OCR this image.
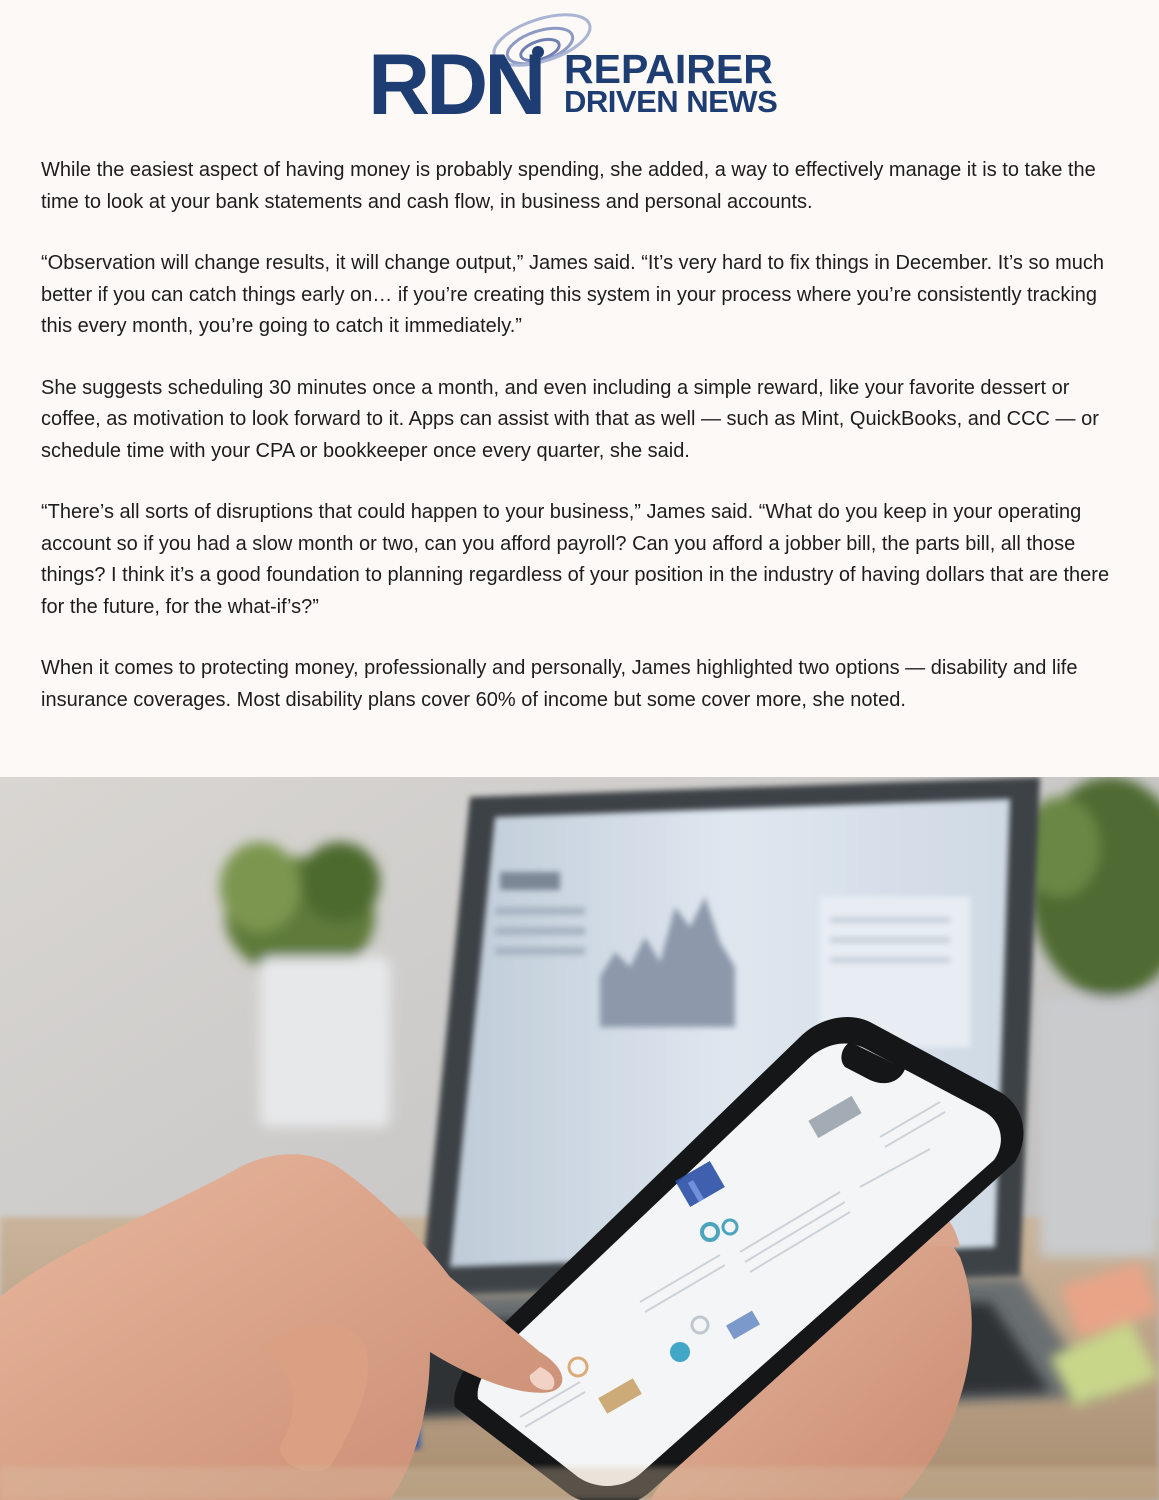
RDN REPAIRER
DRIVEN NEWS

While the easiest aspect of having money is probably spending, she added, a way to effectively manage it is to take the time to look at your bank statements and cash flow, in business and personal accounts.

“Observation will change results, it will change output,” James said. “It’s very hard to fix things in December. It’s so much better if you can catch things early on… if you’re creating this system in your process where you’re consistently tracking this every month, you’re going to catch it immediately.”

She suggests scheduling 30 minutes once a month, and even including a simple reward, like your favorite dessert or coffee, as motivation to look forward to it. Apps can assist with that as well — such as Mint, QuickBooks, and CCC — or schedule time with your CPA or bookkeeper once every quarter, she said.

“There’s all sorts of disruptions that could happen to your business,” James said. “What do you keep in your operating account so if you had a slow month or two, can you afford payroll? Can you afford a jobber bill, the parts bill, all those things? I think it’s a good foundation to planning regardless of your position in the industry of having dollars that are there for the future, for the what-if’s?”

When it comes to protecting money, professionally and personally, James highlighted two options — disability and life insurance coverages. Most disability plans cover 60% of income but some cover more, she noted.
